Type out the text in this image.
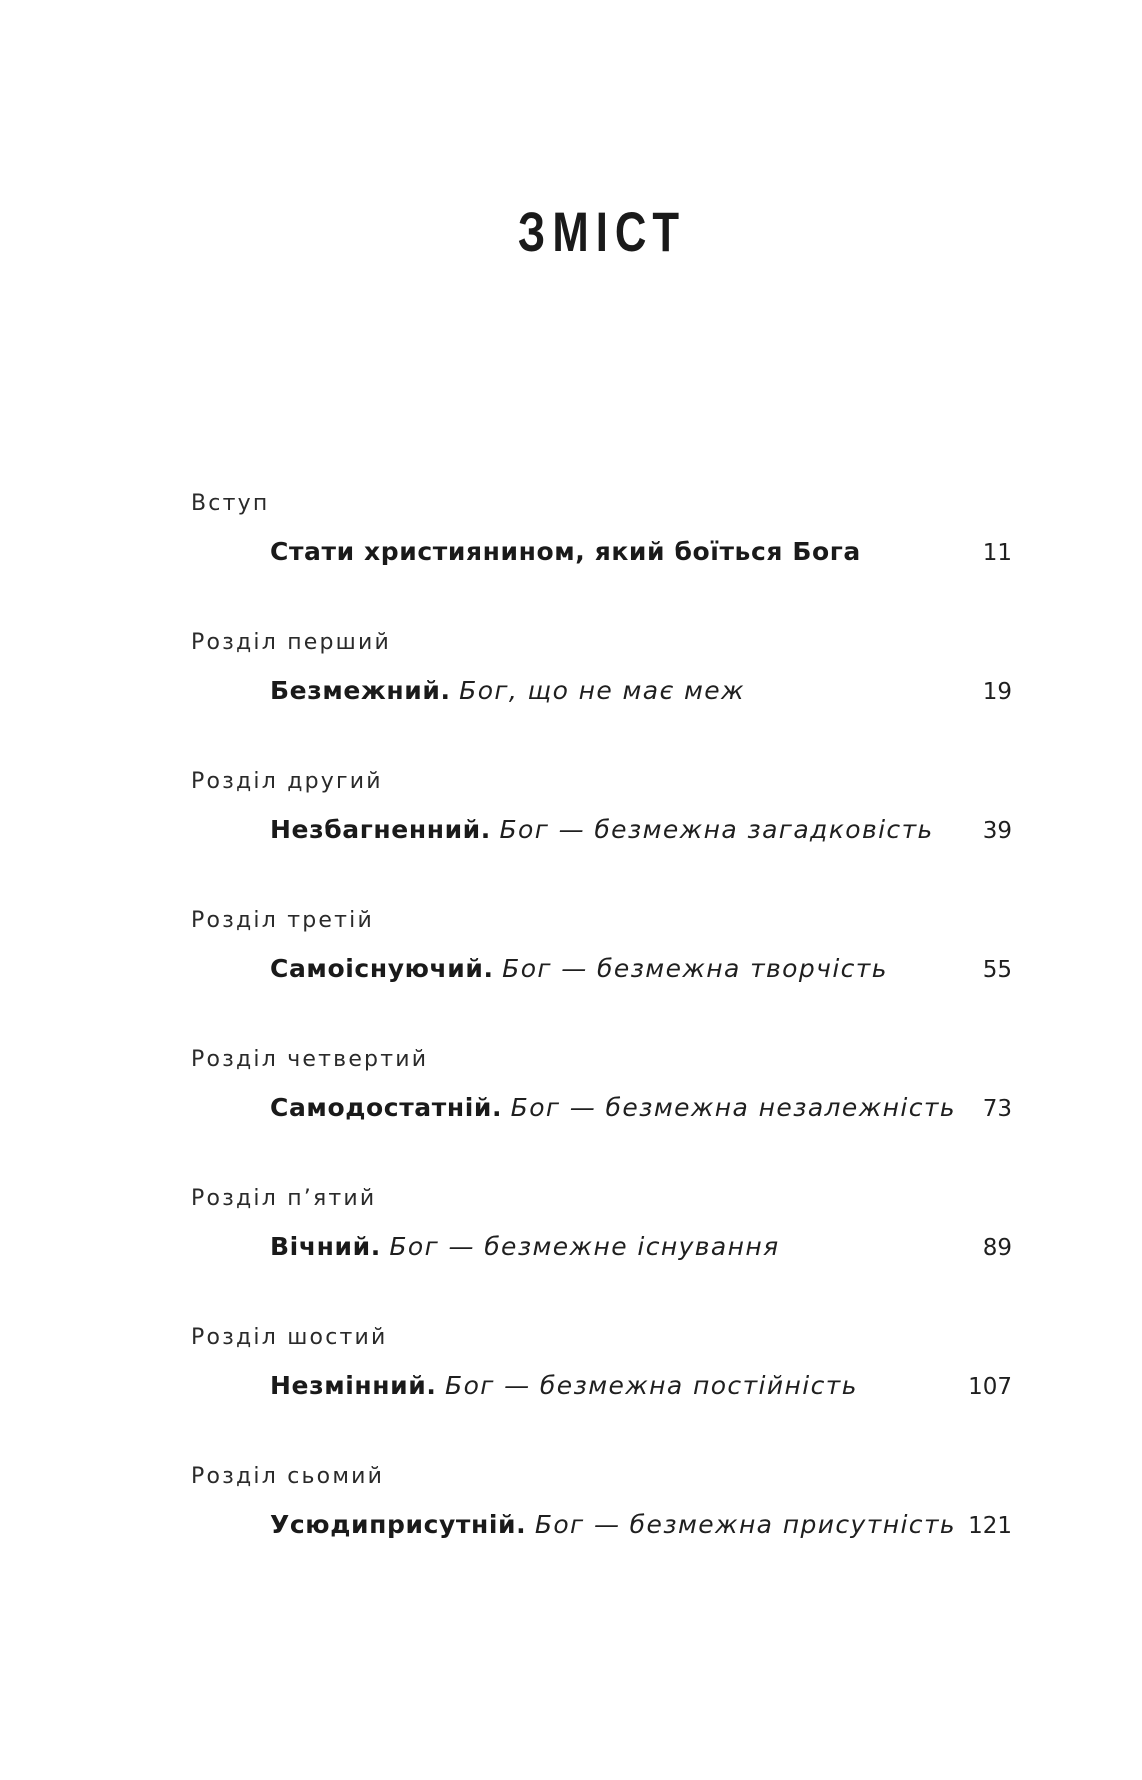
ЗМІСТ
Вступ
Стати християнином, який боїться Бога	11
Розділ перший
Безмежний. Бог, що не має меж	19
Розділ другий
Незбагненний. Бог — безмежна загадковість 39
Розділ третій
Самоіснуючий. Бог — безмежна творчість	55
Розділ четвертий
Самодостатній. Бог — безмежна незалежність 73
Розділ п’ятий
Вічний. Бог — безмежне існування	89
Розділ шостий
Незмінний. Бог — безмежна постійність	107
Розділ сьомий
Усюдиприсутній. Бог — безмежна присутність 121
